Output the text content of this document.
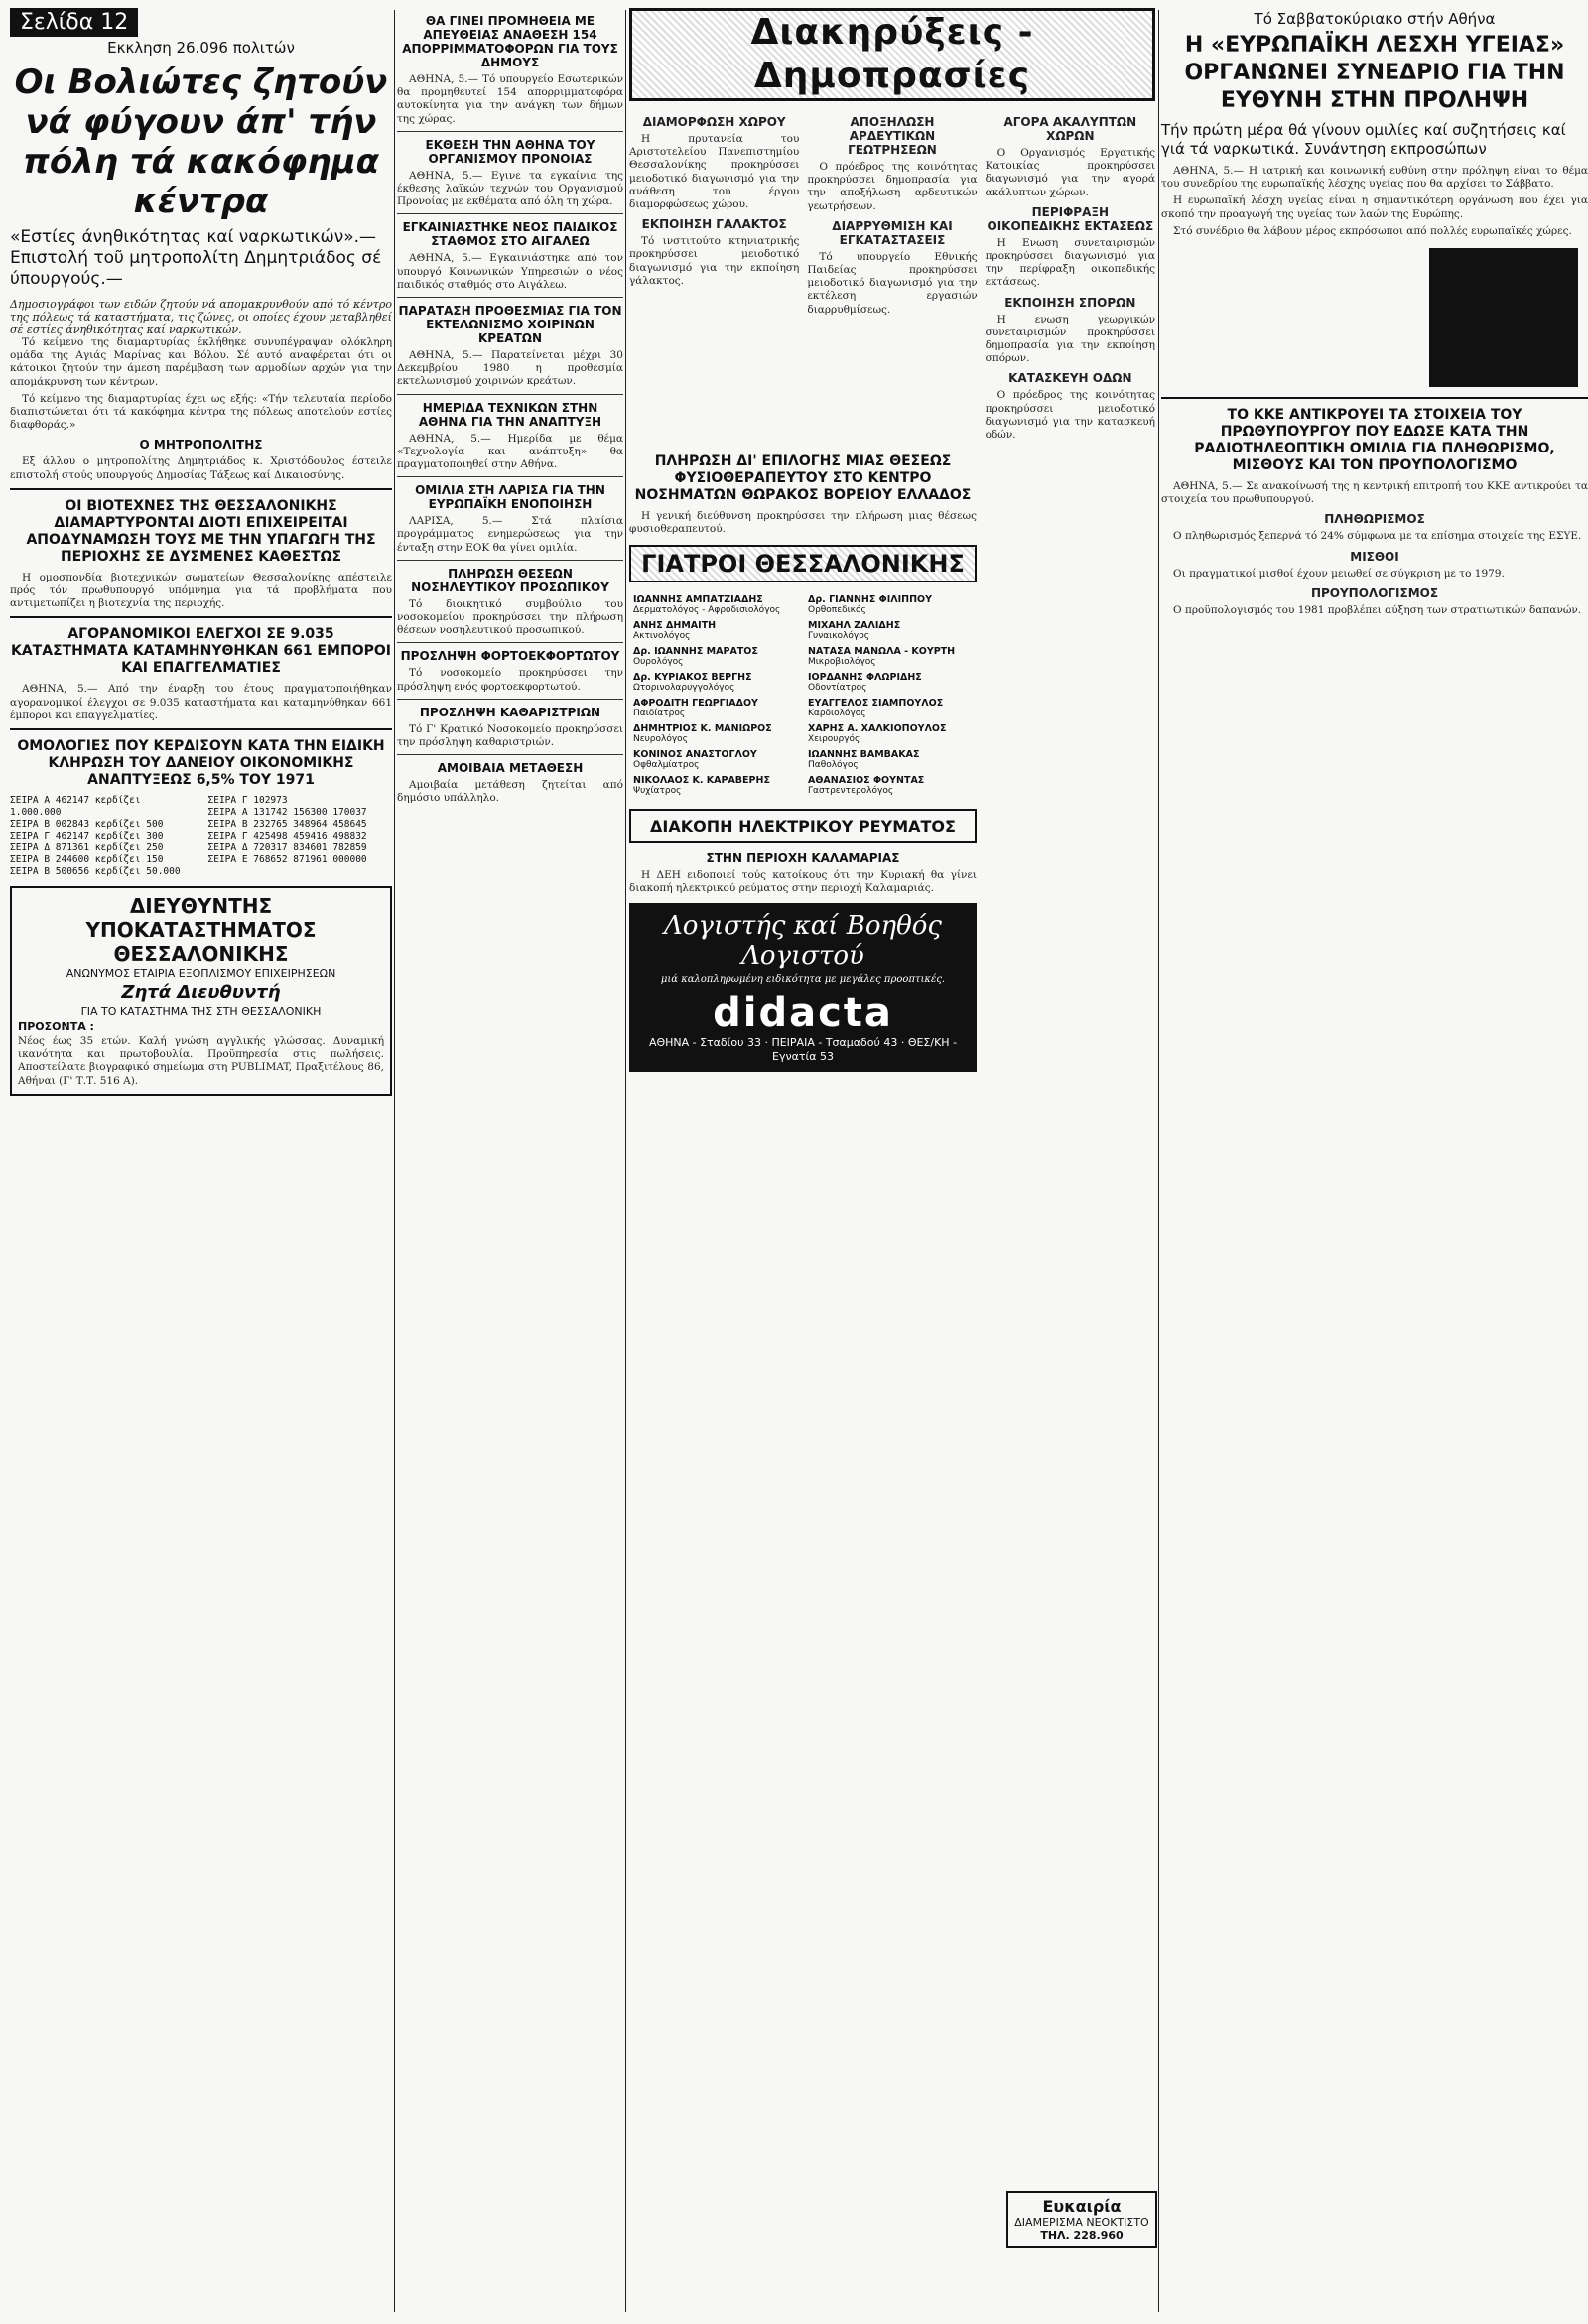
Σελίδα 12
Εκκληση 26.096 πολιτών
Οι Βολιώτες ζητούν νά φύγουν άπ' τήν πόλη τά κακόφημα κέντρα
«Εστίες άνηθικότητας καί ναρκωτικών».— Επιστολή τοῦ μητροπολίτη Δημητριάδος σέ ύπουργούς.—
Δημοσιογράφοι των ειδών ζητούν νά απομακρυνθούν από τό κέντρο της πόλεως τά καταστήματα, τις ζώνες, οι οποίες έχουν μεταβληθεί σέ εστίες άνηθικότητας καί ναρκωτικών.

Τό κείμενο της διαμαρτυρίας έκλήθηκε συνυπέγραψαν ολόκληρη ομάδα της Αγιάς Μαρίνας και Βόλου. Σέ αυτό αναφέρεται ότι οι κάτοικοι ζητούν την άμεση παρέμβαση των αρμοδίων αρχών για την απομάκρυνση των κέντρων.

Τό κείμενο της διαμαρτυρίας έχει ως εξής: «Τήν τελευταία περίοδο διαπιστώνεται ότι τά κακόφημα κέντρα της πόλεως αποτελούν εστίες διαφθοράς.»

Ο ΜΗΤΡΟΠΟΛΙΤΗΣ

Εξ άλλου ο μητροπολίτης Δημητριάδος κ. Χριστόδουλος έστειλε επιστολή στούς υπουργούς Δημοσίας Τάξεως καί Δικαιοσύνης.

ΟΙ ΒΙΟΤΕΧΝΕΣ ΤΗΣ ΘΕΣΣΑΛΟΝΙΚΗΣ ΔΙΑΜΑΡΤΥΡΟΝΤΑΙ ΔΙΟΤΙ ΕΠΙΧΕΙΡΕΙΤΑΙ ΑΠΟΔΥΝΑΜΩΣΗ ΤΟΥΣ ΜΕ ΤΗΝ ΥΠΑΓΩΓΗ ΤΗΣ ΠΕΡΙΟΧΗΣ ΣΕ ΔΥΣΜΕΝΕΣ ΚΑΘΕΣΤΩΣ

Η ομοσπονδία βιοτεχνικών σωματείων Θεσσαλονίκης απέστειλε πρός τόν πρωθυπουργό υπόμνημα για τά προβλήματα που αντιμετωπίζει η βιοτεχνία της περιοχής.

ΑΓΟΡΑΝΟΜΙΚΟΙ ΕΛΕΓΧΟΙ ΣΕ 9.035 ΚΑΤΑΣΤΗΜΑΤΑ ΚΑΤΑΜΗΝΥΘΗΚΑΝ 661 ΕΜΠΟΡΟΙ ΚΑΙ ΕΠΑΓΓΕΛΜΑΤΙΕΣ

ΑΘΗΝΑ, 5.— Από την έναρξη του έτους πραγματοποιήθηκαν αγορανομικοί έλεγχοι σε 9.035 καταστήματα και καταμηνύθηκαν 661 έμποροι και επαγγελματίες.

ΟΜΟΛΟΓΙΕΣ ΠΟΥ ΚΕΡΔΙΣΟΥΝ ΚΑΤΑ ΤΗΝ ΕΙΔΙΚΗ ΚΛΗΡΩΣΗ ΤΟΥ ΔΑΝΕΙΟΥ ΟΙΚΟΝΟΜΙΚΗΣ ΑΝΑΠΤΥΞΕΩΣ 6,5% ΤΟΥ 1971
ΣΕΙΡΑ Α 462147 κερδίζει 1.000.000
ΣΕΙΡΑ Β 002843 κερδίζει 500
ΣΕΙΡΑ Γ 462147 κερδίζει 300
ΣΕΙΡΑ Δ 871361 κερδίζει 250
ΣΕΙΡΑ Β 244600 κερδίζει 150
ΣΕΙΡΑ Β 500656 κερδίζει 50.000
ΣΕΙΡΑ Γ 102973
ΣΕΙΡΑ Α 131742 156300 170037
ΣΕΙΡΑ Β 232765 348964 458645
ΣΕΙΡΑ Γ 425498 459416 498832
ΣΕΙΡΑ Δ 720317 834601 782859
ΣΕΙΡΑ Ε 768652 871961 000000
ΔΙΕΥΘΥΝΤΗΣ ΥΠΟΚΑΤΑΣΤΗΜΑΤΟΣ ΘΕΣΣΑΛΟΝΙΚΗΣ
ΑΝΩΝΥΜΟΣ ΕΤΑΙΡΙΑ ΕΞΟΠΛΙΣΜΟΥ ΕΠΙΧΕΙΡΗΣΕΩΝ
Ζητά Διευθυντή
ΓΙΑ ΤΟ ΚΑΤΑΣΤΗΜΑ ΤΗΣ ΣΤΗ ΘΕΣΣΑΛΟΝΙΚΗ
ΠΡΟΣΟΝΤΑ :
Νέος έως 35 ετών. Καλή γνώση αγγλικής γλώσσας. Δυναμική ικανότητα και πρωτοβουλία. Προϋπηρεσία στις πωλήσεις. Αποστείλατε βιογραφικό σημείωμα στη PUBLIMAT, Πραξιτέλους 86, Αθήναι (Γ' Τ.Τ. 516 Α).
ΘΑ ΓΙΝΕΙ ΠΡΟΜΗΘΕΙΑ ΜΕ ΑΠΕΥΘΕΙΑΣ ΑΝΑΘΕΣΗ 154 ΑΠΟΡΡΙΜΜΑΤΟΦΟΡΩΝ ΓΙΑ ΤΟΥΣ ΔΗΜΟΥΣ

ΑΘΗΝΑ, 5.— Τό υπουργείο Εσωτερικών θα προμηθευτεί 154 απορριμματοφόρα αυτοκίνητα για την ανάγκη των δήμων της χώρας.

ΕΚΘΕΣΗ ΤΗΝ ΑΘΗΝΑ ΤΟΥ ΟΡΓΑΝΙΣΜΟΥ ΠΡΟΝΟΙΑΣ

ΑΘΗΝΑ, 5.— Εγινε τα εγκαίνια της έκθεσης λαϊκών τεχνών του Οργανισμού Προνοίας με εκθέματα από όλη τη χώρα.

ΕΓΚΑΙΝΙΑΣΤΗΚΕ ΝΕΟΣ ΠΑΙΔΙΚΟΣ ΣΤΑΘΜΟΣ ΣΤΟ ΑΙΓΑΛΕΩ

ΑΘΗΝΑ, 5.— Εγκαινιάστηκε από τον υπουργό Κοινωνικών Υπηρεσιών ο νέος παιδικός σταθμός στο Αιγάλεω.

ΠΑΡΑΤΑΣΗ ΠΡΟΘΕΣΜΙΑΣ ΓΙΑ ΤΟΝ ΕΚΤΕΛΩΝΙΣΜΟ ΧΟΙΡΙΝΩΝ ΚΡΕΑΤΩΝ

ΑΘΗΝΑ, 5.— Παρατείνεται μέχρι 30 Δεκεμβρίου 1980 η προθεσμία εκτελωνισμού χοιρινών κρεάτων.

ΗΜΕΡΙΔΑ ΤΕΧΝΙΚΩΝ ΣΤΗΝ ΑΘΗΝΑ ΓΙΑ ΤΗΝ ΑΝΑΠΤΥΞΗ

ΑΘΗΝΑ, 5.— Ημερίδα με θέμα «Τεχνολογία και ανάπτυξη» θα πραγματοποιηθεί στην Αθήνα.

ΟΜΙΛΙΑ ΣΤΗ ΛΑΡΙΣΑ ΓΙΑ ΤΗΝ ΕΥΡΩΠΑΪΚΗ ΕΝΟΠΟΙΗΣΗ

ΛΑΡΙΣΑ, 5.— Στά πλαίσια προγράμματος ενημερώσεως για την ένταξη στην ΕΟΚ θα γίνει ομιλία.

ΠΛΗΡΩΣΗ ΘΕΣΕΩΝ ΝΟΣΗΛΕΥΤΙΚΟΥ ΠΡΟΣΩΠΙΚΟΥ

Τό διοικητικό συμβούλιο του νοσοκομείου προκηρύσσει την πλήρωση θέσεων νοσηλευτικού προσωπικού.

ΠΡΟΣΛΗΨΗ ΦΟΡΤΟΕΚΦΟΡΤΩΤΟΥ

Τό νοσοκομείο προκηρύσσει την πρόσληψη ενός φορτοεκφορτωτού.

ΠΡΟΣΛΗΨΗ ΚΑΘΑΡΙΣΤΡΙΩΝ

Τό Γ' Κρατικό Νοσοκομείο προκηρύσσει την πρόσληψη καθαριστριών.

ΑΜΟΙΒΑΙΑ ΜΕΤΑΘΕΣΗ

Αμοιβαία μετάθεση ζητείται από δημόσιο υπάλληλο.

Διακηρύξεις - Δημοπρασίες
ΔΙΑΜΟΡΦΩΣΗ ΧΩΡΟΥ

Η πρυτανεία του Αριστοτελείου Πανεπιστημίου Θεσσαλονίκης προκηρύσσει μειοδοτικό διαγωνισμό για την ανάθεση του έργου διαμορφώσεως χώρου.

ΕΚΠΟΙΗΣΗ ΓΑΛΑΚΤΟΣ

Τό ινστιτούτο κτηνιατρικής προκηρύσσει μειοδοτικό διαγωνισμό για την εκποίηση γάλακτος.

ΑΠΟΞΗΛΩΣΗ ΑΡΔΕΥΤΙΚΩΝ ΓΕΩΤΡΗΣΕΩΝ

Ο πρόεδρος της κοινότητας προκηρύσσει δημοπρασία για την αποξήλωση αρδευτικών γεωτρήσεων.

ΔΙΑΡΡΥΘΜΙΣΗ ΚΑΙ ΕΓΚΑΤΑΣΤΑΣΕΙΣ

Τό υπουργείο Εθνικής Παιδείας προκηρύσσει μειοδοτικό διαγωνισμό για την εκτέλεση εργασιών διαρρυθμίσεως.

ΑΓΟΡΑ ΑΚΑΛΥΠΤΩΝ ΧΩΡΩΝ

Ο Οργανισμός Εργατικής Κατοικίας προκηρύσσει διαγωνισμό για την αγορά ακάλυπτων χώρων.

ΠΕΡΙΦΡΑΞΗ ΟΙΚΟΠΕΔΙΚΗΣ ΕΚΤΑΣΕΩΣ

Η Ενωση συνεταιρισμών προκηρύσσει διαγωνισμό για την περίφραξη οικοπεδικής εκτάσεως.

ΕΚΠΟΙΗΣΗ ΣΠΟΡΩΝ

Η ενωση γεωργικών συνεταιρισμών προκηρύσσει δημοπρασία για την εκποίηση σπόρων.

ΚΑΤΑΣΚΕΥΗ ΟΔΩΝ

Ο πρόεδρος της κοινότητας προκηρύσσει μειοδοτικό διαγωνισμό για την κατασκευή οδών.

ΠΛΗΡΩΣΗ ΔΙ' ΕΠΙΛΟΓΗΣ ΜΙΑΣ ΘΕΣΕΩΣ ΦΥΣΙΟΘΕΡΑΠΕΥΤΟΥ ΣΤΟ ΚΕΝΤΡΟ ΝΟΣΗΜΑΤΩΝ ΘΩΡΑΚΟΣ ΒΟΡΕΙΟΥ ΕΛΛΑΔΟΣ

Η γενική διεύθυνση προκηρύσσει την πλήρωση μιας θέσεως φυσιοθεραπευτού.

ΓΙΑΤΡΟΙ ΘΕΣΣΑΛΟΝΙΚΗΣ
ΙΩΑΝΝΗΣ ΑΜΠΑΤΖΙΑΔΗΣ
Δερματολόγος - Αφροδισιολόγος
Δρ. ΓΙΑΝΝΗΣ ΦΙΛΙΠΠΟΥ
Ορθοπεδικός
ΑΝΗΣ ΔΗΜΑΙΤΗ
Ακτινολόγος
ΜΙΧΑΗΛ ΖΑΛΙΔΗΣ
Γυναικολόγος
Δρ. ΙΩΑΝΝΗΣ ΜΑΡΑΤΟΣ
Ουρολόγος
ΝΑΤΑΣΑ ΜΑΝΩΛΑ - ΚΟΥΡΤΗ
Μικροβιολόγος
Δρ. ΚΥΡΙΑΚΟΣ ΒΕΡΓΗΣ
Ωτορινολαρυγγολόγος
ΙΟΡΔΑΝΗΣ ΦΛΩΡΙΔΗΣ
Οδοντίατρος
ΑΦΡΟΔΙΤΗ ΓΕΩΡΓΙΑΔΟΥ
Παιδίατρος
ΕΥΑΓΓΕΛΟΣ ΣΙΑΜΠΟΥΛΟΣ
Καρδιολόγος
ΔΗΜΗΤΡΙΟΣ Κ. ΜΑΝΙΩΡΟΣ
Νευρολόγος
ΧΑΡΗΣ Α. ΧΑΛΚΙΟΠΟΥΛΟΣ
Χειρουργός
ΚΟΝΙΝΟΣ ΑΝΑΣΤΟΓΛΟΥ
Οφθαλμίατρος
ΙΩΑΝΝΗΣ ΒΑΜΒΑΚΑΣ
Παθολόγος
ΝΙΚΟΛΑΟΣ Κ. ΚΑΡΑΒΕΡΗΣ
Ψυχίατρος
ΑΘΑΝΑΣΙΟΣ ΦΟΥΝΤΑΣ
Γαστρεντερολόγος
ΔΙΑΚΟΠΗ ΗΛΕΚΤΡΙΚΟΥ ΡΕΥΜΑΤΟΣ
ΣΤΗΝ ΠΕΡΙΟΧΗ ΚΑΛΑΜΑΡΙΑΣ

Η ΔΕΗ ειδοποιεί τούς κατοίκους ότι την Κυριακή θα γίνει διακοπή ηλεκτρικού ρεύματος στην περιοχή Καλαμαριάς.

Λογιστής καί Βοηθός Λογιστού
μιά καλοπληρωμένη ειδικότητα με μεγάλες προοπτικές.
didacta
ΑΘΗΝΑ - Σταδίου 33 · ΠΕΙΡΑΙΑ - Τσαμαδού 43 · ΘΕΣ/ΚΗ - Εγνατία 53
Ευκαιρία
ΔΙΑΜΕΡΙΣΜΑ ΝΕΟΚΤΙΣΤΟ
ΤΗΛ. 228.960
Τό Σαββατοκύριακο στήν Αθήνα
Η «ΕΥΡΩΠΑΪΚΗ ΛΕΣΧΗ ΥΓΕΙΑΣ» ΟΡΓΑΝΩΝΕΙ ΣΥΝΕΔΡΙΟ ΓΙΑ ΤΗΝ ΕΥΘΥΝΗ ΣΤΗΝ ΠΡΟΛΗΨΗ
Τήν πρώτη μέρα θά γίνουν ομιλίες καί συζητήσεις καί γιά τά ναρκωτικά. Συνάντηση εκπροσώπων

ΑΘΗΝΑ, 5.— Η ιατρική και κοινωνική ευθύνη στην πρόληψη είναι το θέμα του συνεδρίου της ευρωπαϊκής λέσχης υγείας που θα αρχίσει το Σάββατο.

Η ευρωπαϊκή λέσχη υγείας είναι η σημαντικότερη οργάνωση που έχει για σκοπό την προαγωγή της υγείας των λαών της Ευρώπης.

Στό συνέδριο θα λάβουν μέρος εκπρόσωποι από πολλές ευρωπαϊκές χώρες.

ΤΟ ΚΚΕ ΑΝΤΙΚΡΟΥΕΙ ΤΑ ΣΤΟΙΧΕΙΑ ΤΟΥ ΠΡΩΘΥΠΟΥΡΓΟΥ ΠΟΥ ΕΔΩΣΕ ΚΑΤΑ ΤΗΝ ΡΑΔΙΟΤΗΛΕΟΠΤΙΚΗ ΟΜΙΛΙΑ ΓΙΑ ΠΛΗΘΩΡΙΣΜΟ, ΜΙΣΘΟΥΣ ΚΑΙ ΤΟΝ ΠΡΟΥΠΟΛΟΓΙΣΜΟ

ΑΘΗΝΑ, 5.— Σε ανακοίνωσή της η κεντρική επιτροπή του ΚΚΕ αντικρούει τα στοιχεία του πρωθυπουργού.

ΠΛΗΘΩΡΙΣΜΟΣ

Ο πληθωρισμός ξεπερνά τό 24% σύμφωνα με τα επίσημα στοιχεία της ΕΣΥΕ.

ΜΙΣΘΟΙ

Οι πραγματικοί μισθοί έχουν μειωθεί σε σύγκριση με το 1979.

ΠΡΟΥΠΟΛΟΓΙΣΜΟΣ

Ο προϋπολογισμός του 1981 προβλέπει αύξηση των στρατιωτικών δαπανών.
